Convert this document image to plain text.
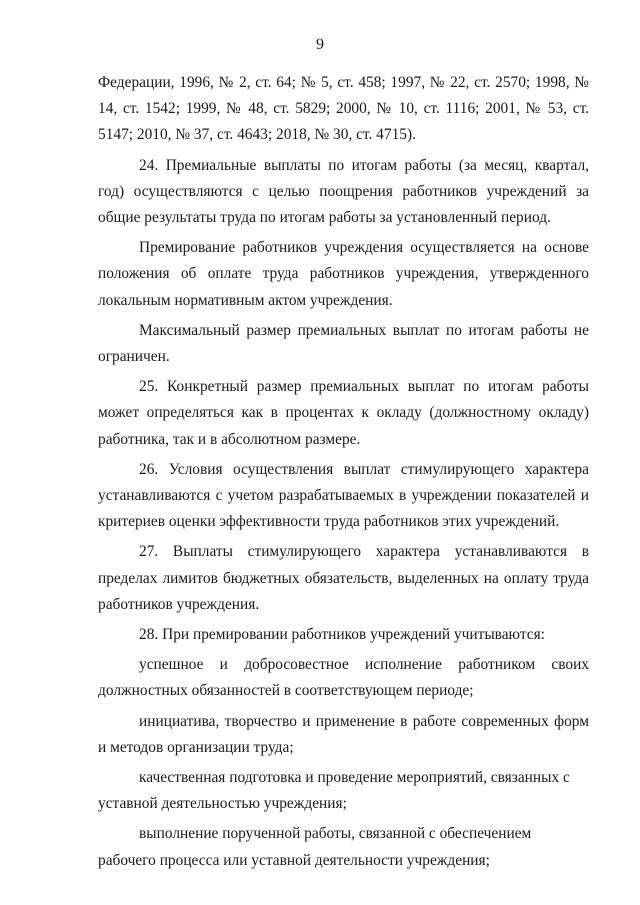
9

Федерации, 1996, № 2, ст. 64; № 5, ст. 458; 1997, № 22, ст. 2570; 1998, № 14, ст. 1542; 1999, № 48, ст. 5829; 2000, № 10, ст. 1116; 2001, № 53, ст. 5147; 2010, № 37, ст. 4643; 2018, № 30, ст. 4715).

24. Премиальные выплаты по итогам работы (за месяц, квартал, год) осуществляются с целью поощрения работников учреждений за общие результаты труда по итогам работы за установленный период.

Премирование работников учреждения осуществляется на основе положения об оплате труда работников учреждения, утвержденного локальным нормативным актом учреждения.

Максимальный размер премиальных выплат по итогам работы не ограничен.

25. Конкретный размер премиальных выплат по итогам работы может определяться как в процентах к окладу (должностному окладу) работника, так и в абсолютном размере.

26. Условия осуществления выплат стимулирующего характера устанавливаются с учетом разрабатываемых в учреждении показателей и критериев оценки эффективности труда работников этих учреждений.

27. Выплаты стимулирующего характера устанавливаются в пределах лимитов бюджетных обязательств, выделенных на оплату труда работников учреждения.

28. При премировании работников учреждений учитываются:

успешное и добросовестное исполнение работником своих должностных обязанностей в соответствующем периоде;

инициатива, творчество и применение в работе современных форм и методов организации труда;

качественная подготовка и проведение мероприятий, связанных с уставной деятельностью учреждения;

выполнение порученной работы, связанной с обеспечением рабочего процесса или уставной деятельности учреждения;
